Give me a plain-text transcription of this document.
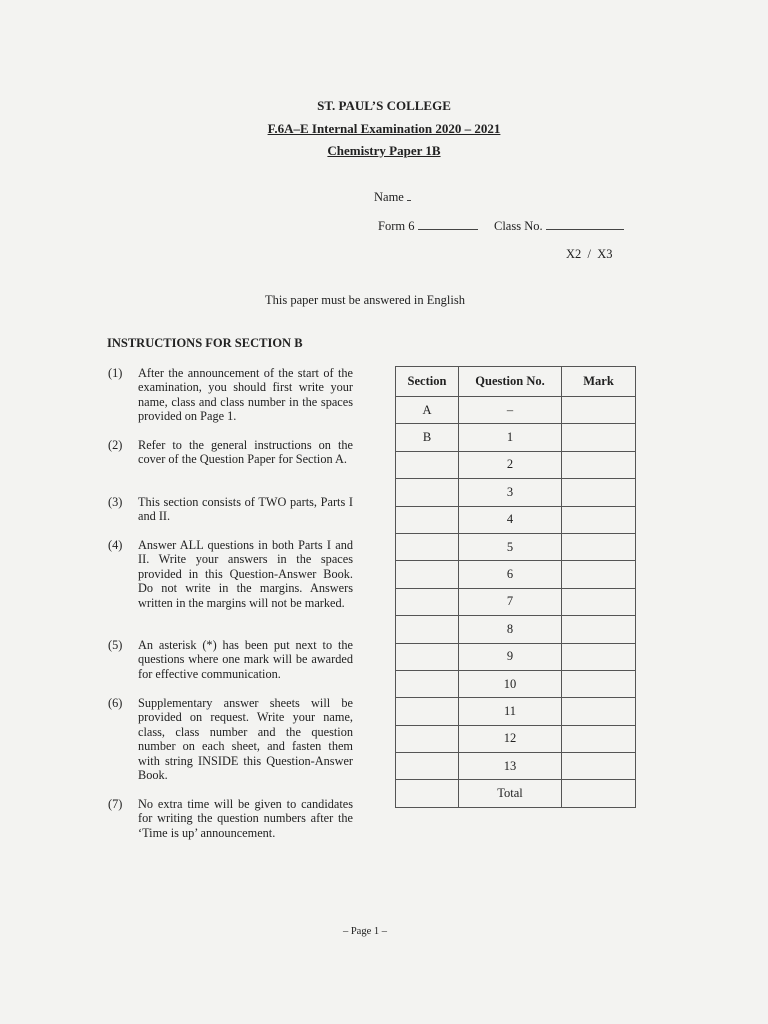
ST. PAUL’S COLLEGE
F.6A–E Internal Examination 2020 – 2021
Chemistry Paper 1B
Name
Form 6	Class No.
X2  /  X3
This paper must be answered in English
INSTRUCTIONS FOR SECTION B
(1) After the announcement of the start of the examination, you should first write your name, class and class number in the spaces provided on Page 1.
(2) Refer to the general instructions on the cover of the Question Paper for Section A.
(3) This section consists of TWO parts, Parts I and II.
(4) Answer ALL questions in both Parts I and II. Write your answers in the spaces provided in this Question-Answer Book. Do not write in the margins. Answers written in the margins will not be marked.
(5) An asterisk (*) has been put next to the questions where one mark will be awarded for effective communication.
(6) Supplementary answer sheets will be provided on request. Write your name, class, class number and the question number on each sheet, and fasten them with string INSIDE this Question-Answer Book.
(7) No extra time will be given to candidates for writing the question numbers after the ‘Time is up’ announcement.
Section	Question No.	Mark
A	–	
B	1	
	2	
	3	
	4	
	5	
	6	
	7	
	8	
	9	
	10	
	11	
	12	
	13	
	Total	
– Page 1 –
